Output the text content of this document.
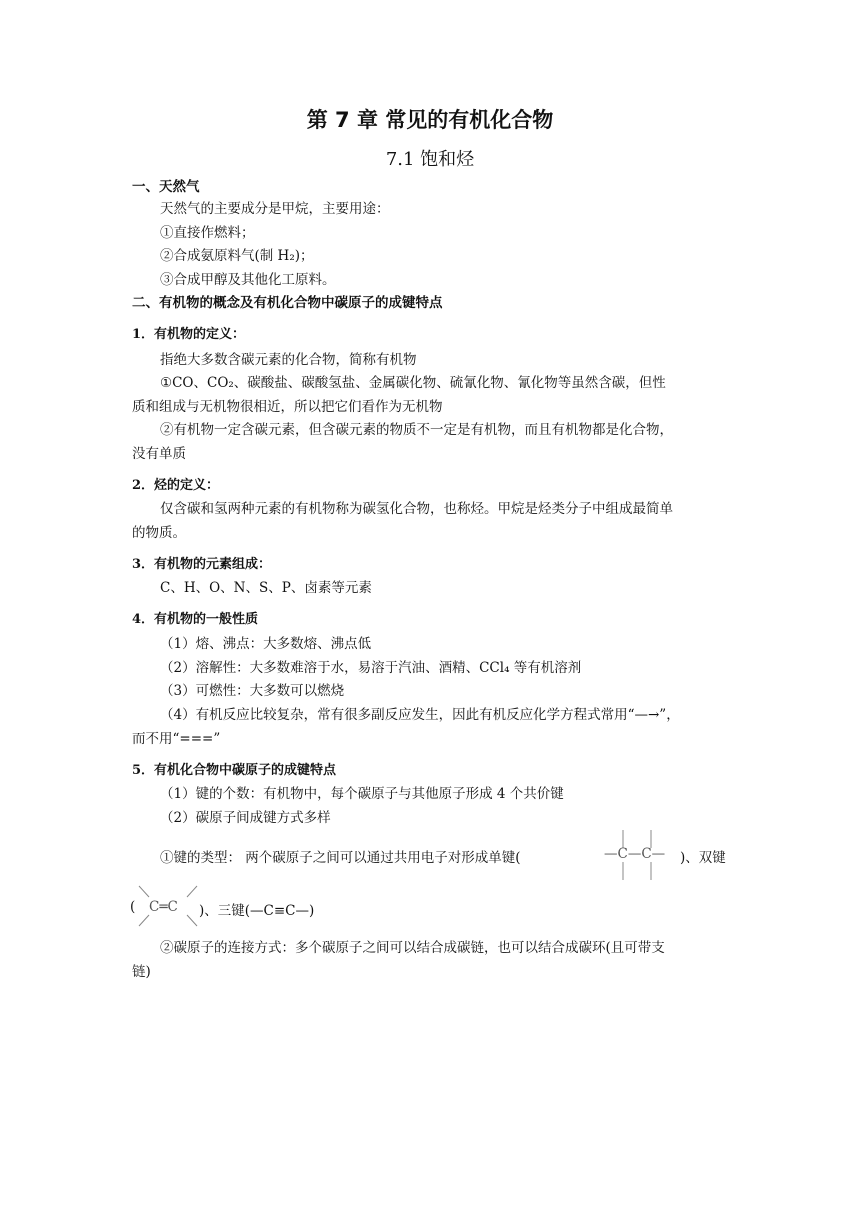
第 7 章 常见的有机化合物
7.1 饱和烃
一、天然气
天然气的主要成分是甲烷，主要用途：
①直接作燃料；
②合成氨原料气(制 H₂)；
③合成甲醇及其他化工原料。
二、有机物的概念及有机化合物中碳原子的成键特点
1．有机物的定义：
指绝大多数含碳元素的化合物，简称有机物
①CO、CO₂、碳酸盐、碳酸氢盐、金属碳化物、硫氰化物、氰化物等虽然含碳，但性
质和组成与无机物很相近，所以把它们看作为无机物
②有机物一定含碳元素，但含碳元素的物质不一定是有机物，而且有机物都是化合物，
没有单质
2．烃的定义：
仅含碳和氢两种元素的有机物称为碳氢化合物，也称烃。甲烷是烃类分子中组成最简单
的物质。
3．有机物的元素组成：
C、H、O、N、S、P、卤素等元素
4．有机物的一般性质
（1）熔、沸点：大多数熔、沸点低
（2）溶解性：大多数难溶于水，易溶于汽油、酒精、CCl₄ 等有机溶剂
（3）可燃性：大多数可以燃烧
（4）有机反应比较复杂，常有很多副反应发生，因此有机反应化学方程式常用“—→”，
而不用“===”
5．有机化合物中碳原子的成键特点
（1）键的个数：有机物中，每个碳原子与其他原子形成 4 个共价键
（2）碳原子间成键方式多样
①键的类型： 两个碳原子之间可以通过共用电子对形成单键(	—C—C— )、双键
( C═C )、三键(—C≡C—)
②碳原子的连接方式：多个碳原子之间可以结合成碳链，也可以结合成碳环(且可带支
链)
